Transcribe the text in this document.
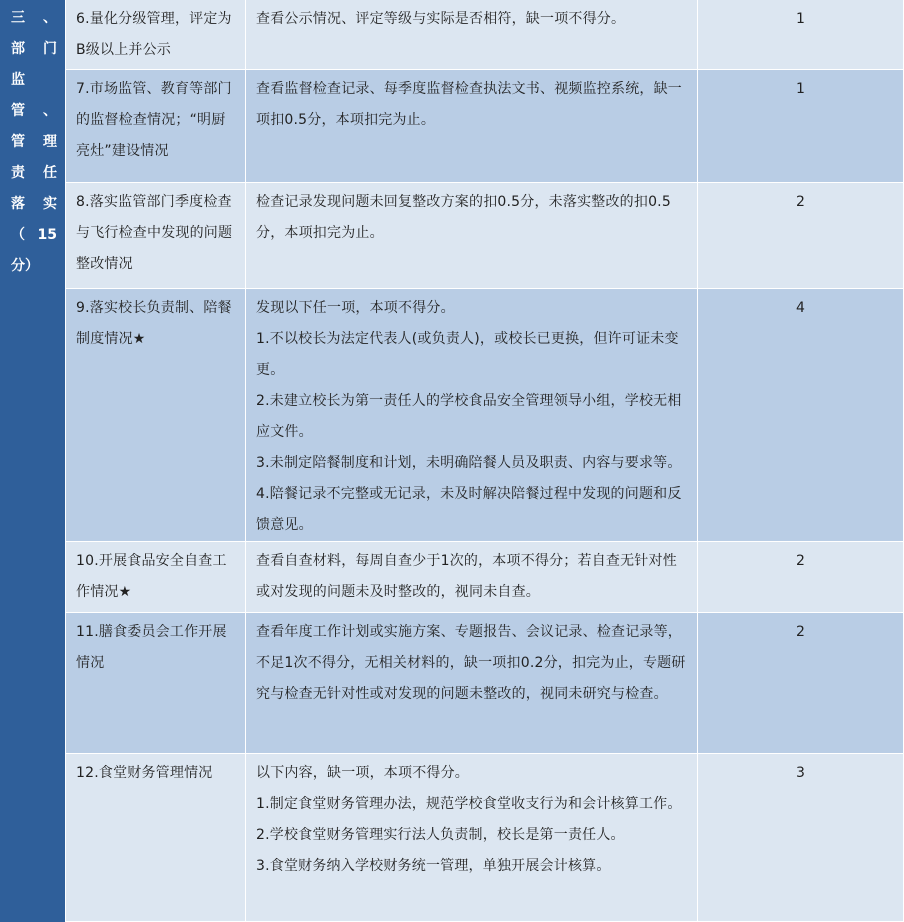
三 、
部 门
监
管 、
管 理
责 任
落 实
（ 15
分）
6.量化分级管理，评定为B级以上并公示
查看公示情况、评定等级与实际是否相符，缺一项不得分。	1
7.市场监管、教育等部门的监督检查情况；“明厨亮灶”建设情况
查看监督检查记录、每季度监督检查执法文书、视频监控系统，缺一项扣0.5分，本项扣完为止。
1
8.落实监管部门季度检查与飞行检查中发现的问题整改情况
检查记录发现问题未回复整改方案的扣0.5分，未落实整改的扣0.5分，本项扣完为止。
2
9.落实校长负责制、陪餐制度情况★
发现以下任一项，本项不得分。
1.不以校长为法定代表人(或负责人)，或校长已更换，但许可证未变更。
2.未建立校长为第一责任人的学校食品安全管理领导小组，学校无相应文件。
3.未制定陪餐制度和计划，未明确陪餐人员及职责、内容与要求等。
4.陪餐记录不完整或无记录，未及时解决陪餐过程中发现的问题和反馈意见。
4
10.开展食品安全自查工作情况★
查看自查材料，每周自查少于1次的，本项不得分；若自查无针对性或对发现的问题未及时整改的，视同未自查。
2
11.膳食委员会工作开展情况
查看年度工作计划或实施方案、专题报告、会议记录、检查记录等，不足1次不得分，无相关材料的，缺一项扣0.2分，扣完为止，专题研究与检查无针对性或对发现的问题未整改的，视同未研究与检查。
2
12.食堂财务管理情况	以下内容，缺一项，本项不得分。
1.制定食堂财务管理办法，规范学校食堂收支行为和会计核算工作。
2.学校食堂财务管理实行法人负责制，校长是第一责任人。
3.食堂财务纳入学校财务统一管理，单独开展会计核算。
3
